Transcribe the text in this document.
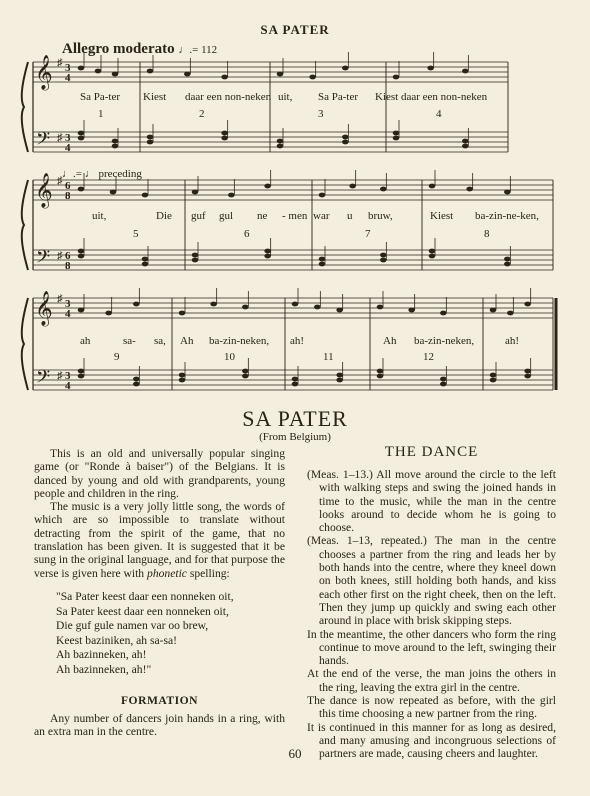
SA PATER
Allegro moderato ♩.= 112
♩.= ♩ preceding
𝄞
𝄢
♯
♯
3
4
3
4
𝄞
𝄢
♯
♯
6
8
6
8
𝄞
𝄢
♯
♯
3
4
3
4
Sa Pa-ter Kiest daar een non-neken uit, Sa Pa-ter Kiest daar een non-neken
uit,	Die guf gul ne - men war u bruw,	Kiest ba-zin-ne-ken,
ah	sa- sa, Ah ba-zin-neken, ah!	Ah ba-zin-neken,	ah!
1	2	3	4
5	6	7	8
9	10	11	12
SA PATER
(From Belgium)

This is an old and universally popular singing game (or "Ronde à baiser") of the Belgians. It is danced by young and old with grandparents, young people and children in the ring.

The music is a very jolly little song, the words of which are so impossible to translate without detracting from the spirit of the game, that no translation has been given. It is suggested that it be sung in the original language, and for that purpose the verse is given here with phonetic spelling:

"Sa Pater keest daar een nonneken oit,
Sa Pater keest daar een nonneken oit,
Die guf gule namen var oo brew,
Keest baziniken, ah sa-sa!
Ah bazinneken, ah!
Ah bazinneken, ah!"

FORMATION

Any number of dancers join hands in a ring, with an extra man in the centre.

THE DANCE

(Meas. 1–13.) All move around the circle to the left with walking steps and swing the joined hands in time to the music, while the man in the centre looks around to decide whom he is going to choose.

(Meas. 1–13, repeated.) The man in the centre chooses a partner from the ring and leads her by both hands into the centre, where they kneel down on both knees, still holding both hands, and kiss each other first on the right cheek, then on the left. Then they jump up quickly and swing each other around in place with brisk skipping steps.

In the meantime, the other dancers who form the ring continue to move around to the left, swinging their hands.

At the end of the verse, the man joins the others in the ring, leaving the extra girl in the centre.

The dance is now repeated as before, with the girl this time choosing a new partner from the ring.

It is continued in this manner for as long as desired, and many amusing and incongruous selections of partners are made, causing cheers and laughter.

60
